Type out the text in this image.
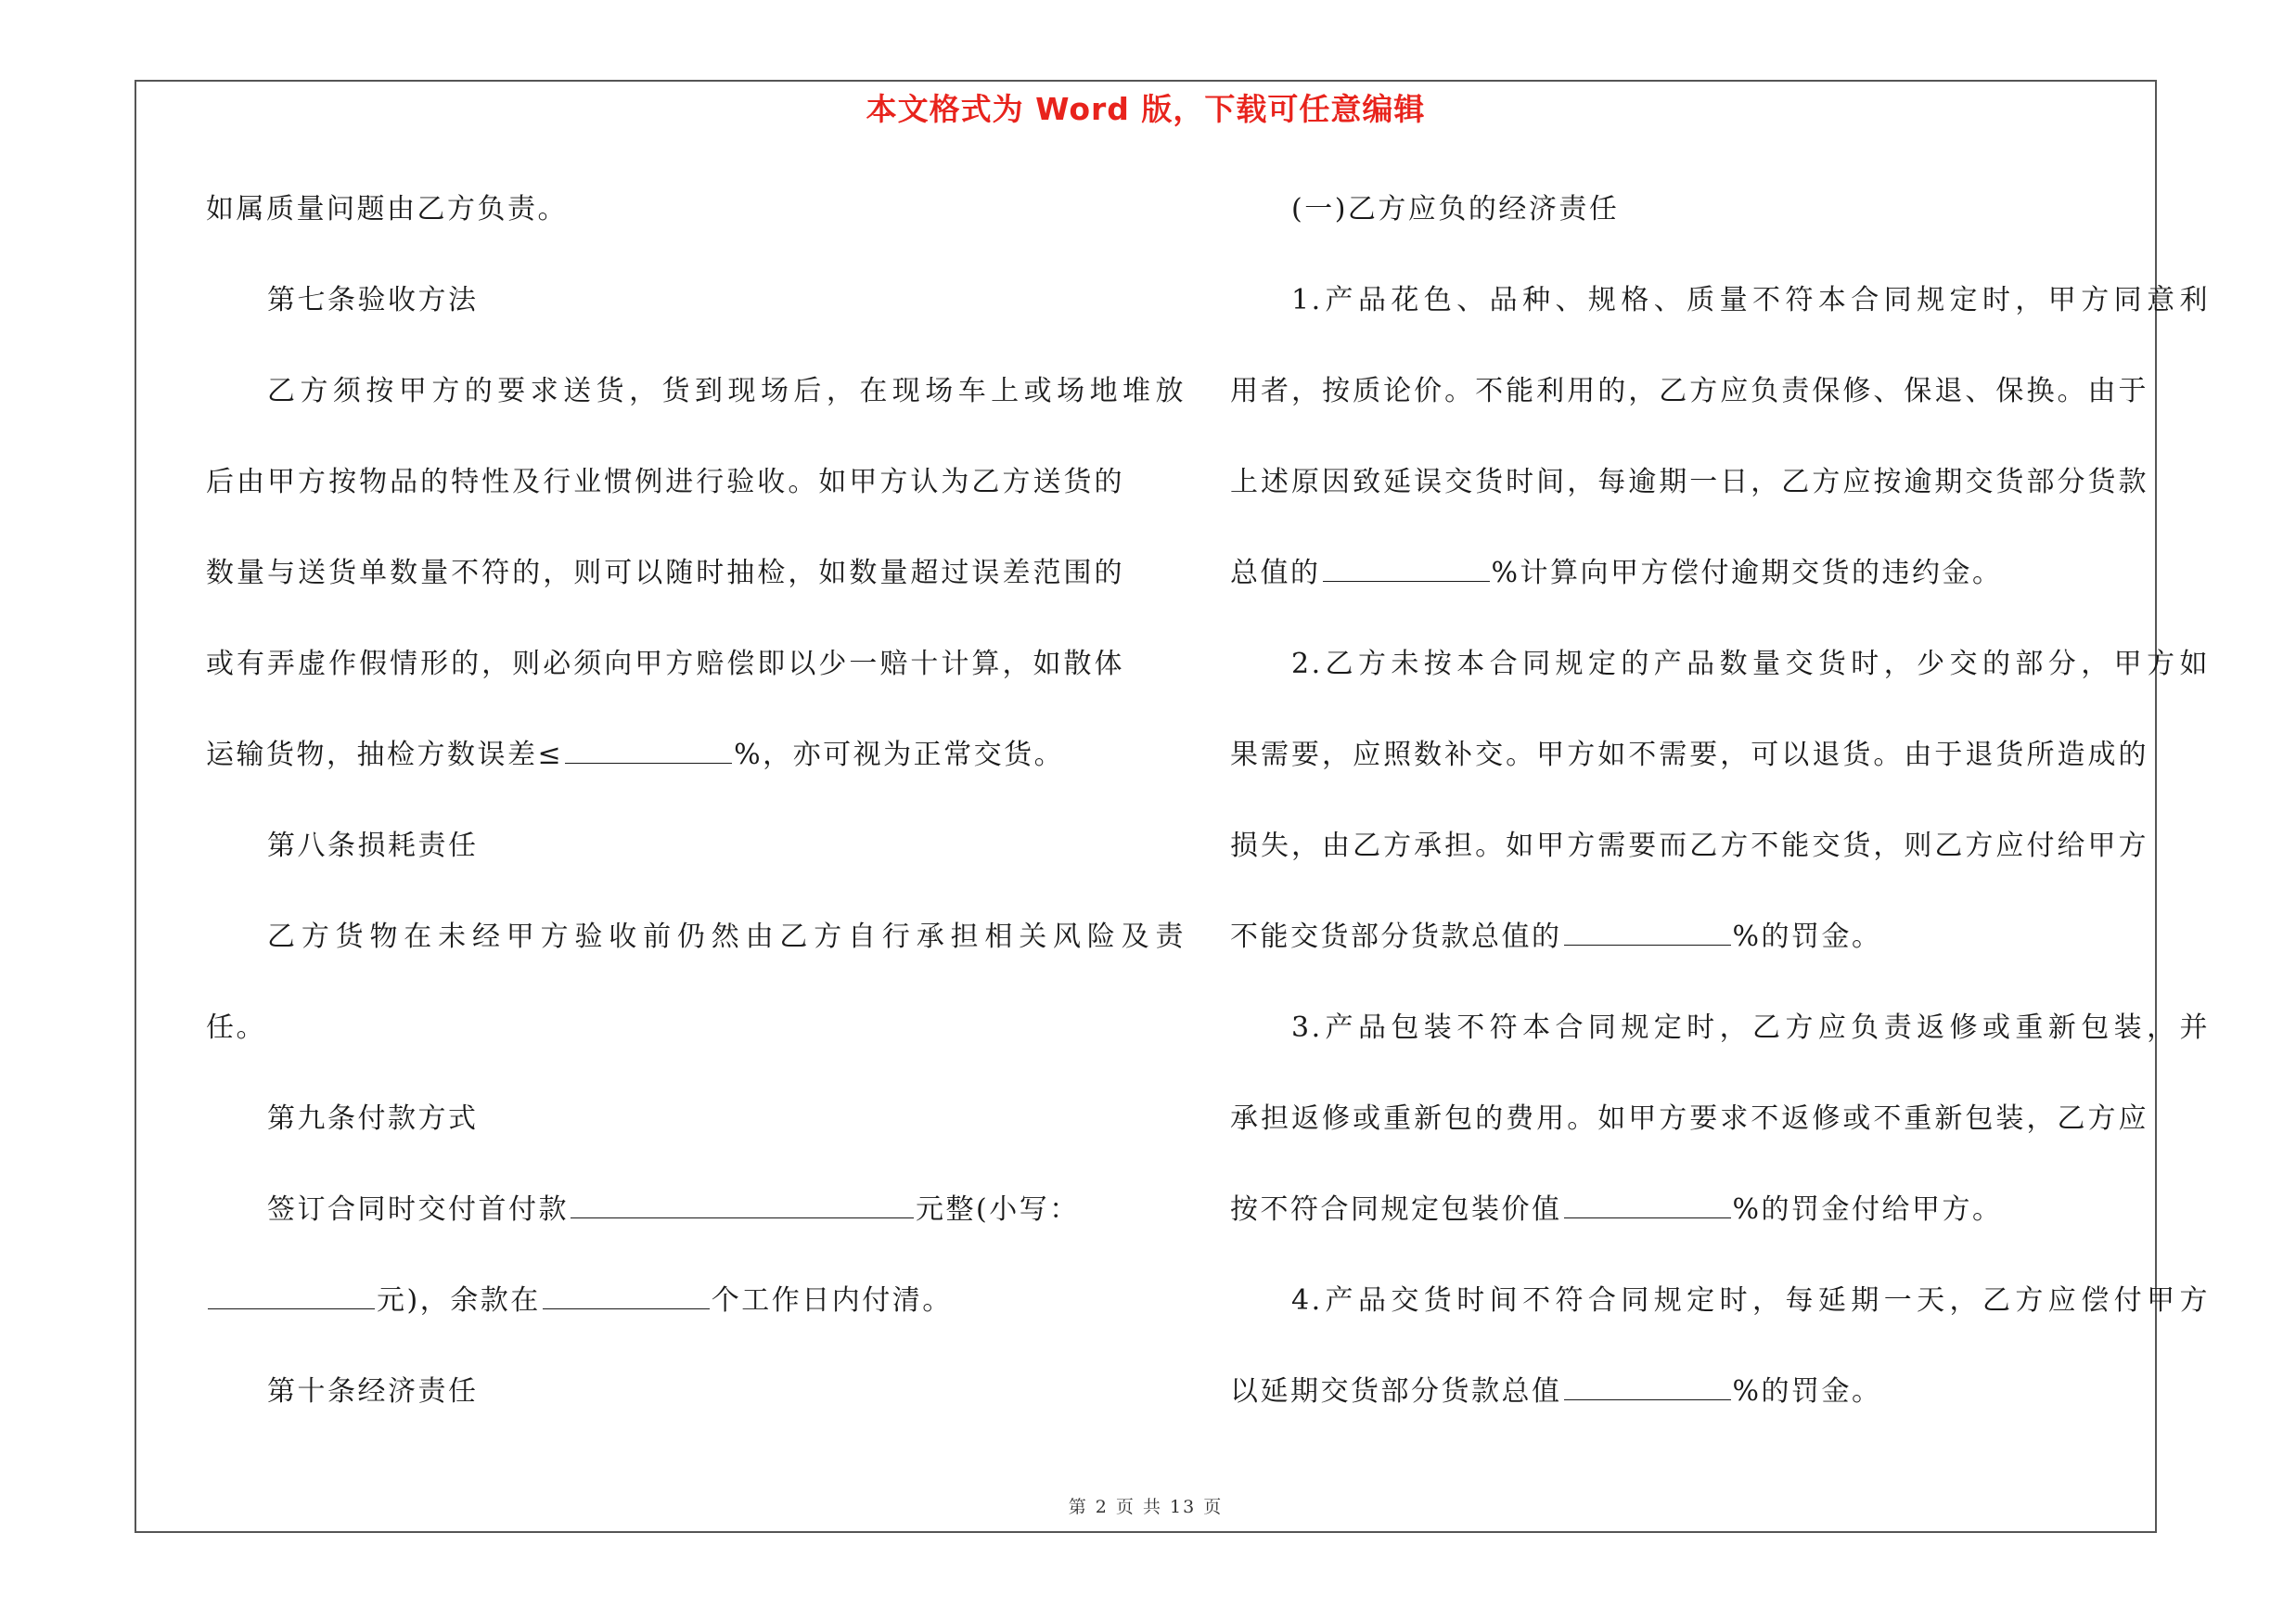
本文格式为 Word 版，下载可任意编辑
如属质量问题由乙方负责。
第七条验收方法
乙方须按甲方的要求送货，货到现场后，在现场车上或场地堆放
后由甲方按物品的特性及行业惯例进行验收。如甲方认为乙方送货的
数量与送货单数量不符的，则可以随时抽检，如数量超过误差范围的
或有弄虚作假情形的，则必须向甲方赔偿即以少一赔十计算，如散体
运输货物，抽检方数误差≤	%，亦可视为正常交货。
第八条损耗责任
乙方货物在未经甲方验收前仍然由乙方自行承担相关风险及责
任。
第九条付款方式
签订合同时交付首付款	元整(小写：
元)，余款在	个工作日内付清。
第十条经济责任
(一)乙方应负的经济责任
1.产品花色、品种、规格、质量不符本合同规定时，甲方同意利
用者，按质论价。不能利用的，乙方应负责保修、保退、保换。由于
上述原因致延误交货时间，每逾期一日，乙方应按逾期交货部分货款
总值的	%计算向甲方偿付逾期交货的违约金。
2.乙方未按本合同规定的产品数量交货时，少交的部分，甲方如
果需要，应照数补交。甲方如不需要，可以退货。由于退货所造成的
损失，由乙方承担。如甲方需要而乙方不能交货，则乙方应付给甲方
不能交货部分货款总值的	%的罚金。
3.产品包装不符本合同规定时，乙方应负责返修或重新包装，并
承担返修或重新包的费用。如甲方要求不返修或不重新包装，乙方应
按不符合同规定包装价值	%的罚金付给甲方。
4.产品交货时间不符合同规定时，每延期一天，乙方应偿付甲方
以延期交货部分货款总值	%的罚金。
第 2 页 共 13 页
